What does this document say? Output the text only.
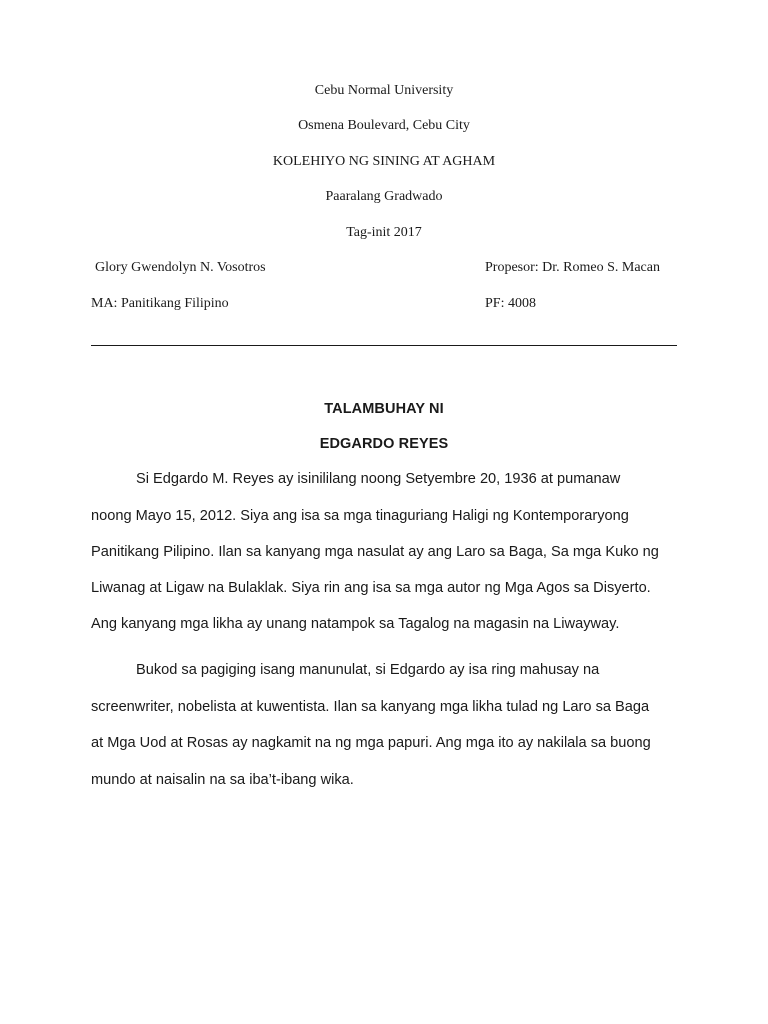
Cebu Normal University
Osmena Boulevard, Cebu City
KOLEHIYO NG SINING AT AGHAM
Paaralang Gradwado
Tag-init 2017
Glory Gwendolyn N. Vosotros	Propesor: Dr. Romeo S. Macan
MA: Panitikang Filipino	PF: 4008
TALAMBUHAY NI
EDGARDO REYES
Si Edgardo M. Reyes ay isinililang noong Setyembre 20, 1936 at pumanaw
noong Mayo 15, 2012. Siya ang isa sa mga tinaguriang Haligi ng Kontemporaryong
Panitikang Pilipino. Ilan sa kanyang mga nasulat ay ang Laro sa Baga, Sa mga Kuko ng
Liwanag at Ligaw na Bulaklak. Siya rin ang isa sa mga autor ng Mga Agos sa Disyerto.
Ang kanyang mga likha ay unang natampok sa Tagalog na magasin na Liwayway.
Bukod sa pagiging isang manunulat, si Edgardo ay isa ring mahusay na
screenwriter, nobelista at kuwentista. Ilan sa kanyang mga likha tulad ng Laro sa Baga
at Mga Uod at Rosas ay nagkamit na ng mga papuri. Ang mga ito ay nakilala sa buong
mundo at naisalin na sa iba’t-ibang wika.
